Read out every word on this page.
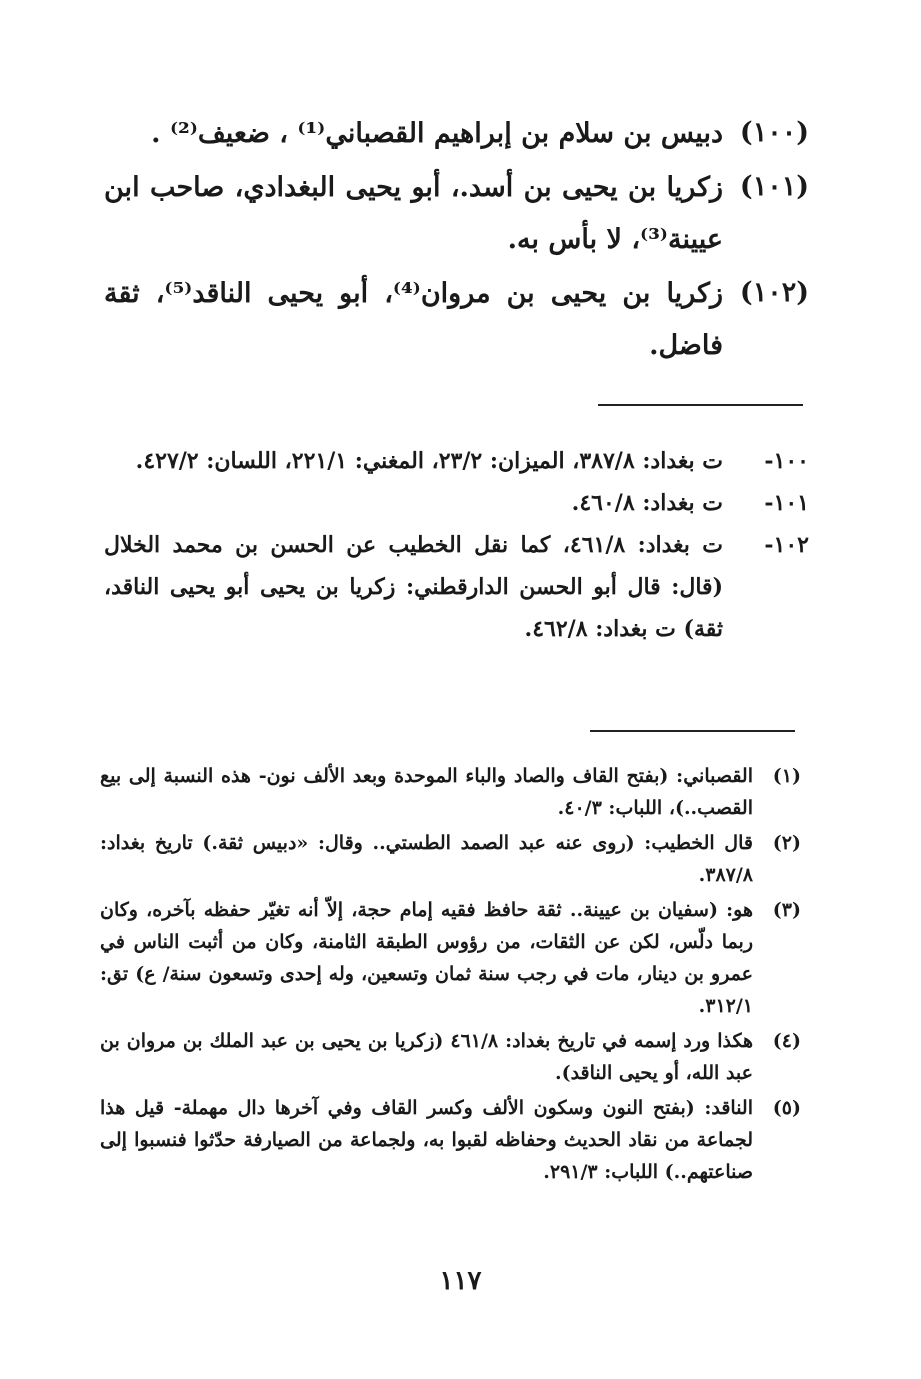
(١٠٠)
دبيس بن سلام بن إبراهيم القصباني⁽¹⁾ ، ضعيف⁽²⁾ .
(١٠١)
زكريا بن يحيى بن أسد.، أبو يحيى البغدادي، صاحب ابن عيينة⁽³⁾، لا بأس به.
(١٠٢)
زكريا بن يحيى بن مروان⁽⁴⁾، أبو يحيى الناقد⁽⁵⁾، ثقة فاضل.
١٠٠-
ت بغداد: ٣٨٧/٨، الميزان: ٢٣/٢، المغني: ٢٢١/١، اللسان: ٤٢٧/٢.
١٠١-
ت بغداد: ٤٦٠/٨.
١٠٢-
ت بغداد: ٤٦١/٨، كما نقل الخطيب عن الحسن بن محمد الخلال (قال: قال أبو الحسن الدارقطني: زكريا بن يحيى أبو يحيى الناقد، ثقة) ت بغداد: ٤٦٢/٨.
(١)
القصباني: (بفتح القاف والصاد والباء الموحدة وبعد الألف نون- هذه النسبة إلى بيع القصب..)، اللباب: ٤٠/٣.
(٢)
قال الخطيب: (روى عنه عبد الصمد الطستي.. وقال: «دبيس ثقة.) تاريخ بغداد: ٣٨٧/٨.
(٣)
هو: (سفيان بن عيينة.. ثقة حافظ فقيه إمام حجة، إلاّ أنه تغيّر حفظه بآخره، وكان ربما دلّس، لكن عن الثقات، من رؤوس الطبقة الثامنة، وكان من أثبت الناس في عمرو بن دينار، مات في رجب سنة ثمان وتسعين، وله إحدى وتسعون سنة/ ع) تق: ٣١٢/١.
(٤)
هكذا ورد إسمه في تاريخ بغداد: ٤٦١/٨ (زكريا بن يحيى بن عبد الملك بن مروان بن عبد الله، أو يحيى الناقد).
(٥)
الناقد: (بفتح النون وسكون الألف وكسر القاف وفي آخرها دال مهملة- قيل هذا لجماعة من نقاد الحديث وحفاظه لقبوا به، ولجماعة من الصيارفة حدّثوا فنسبوا إلى صناعتهم..) اللباب: ٢٩١/٣.
١١٧
